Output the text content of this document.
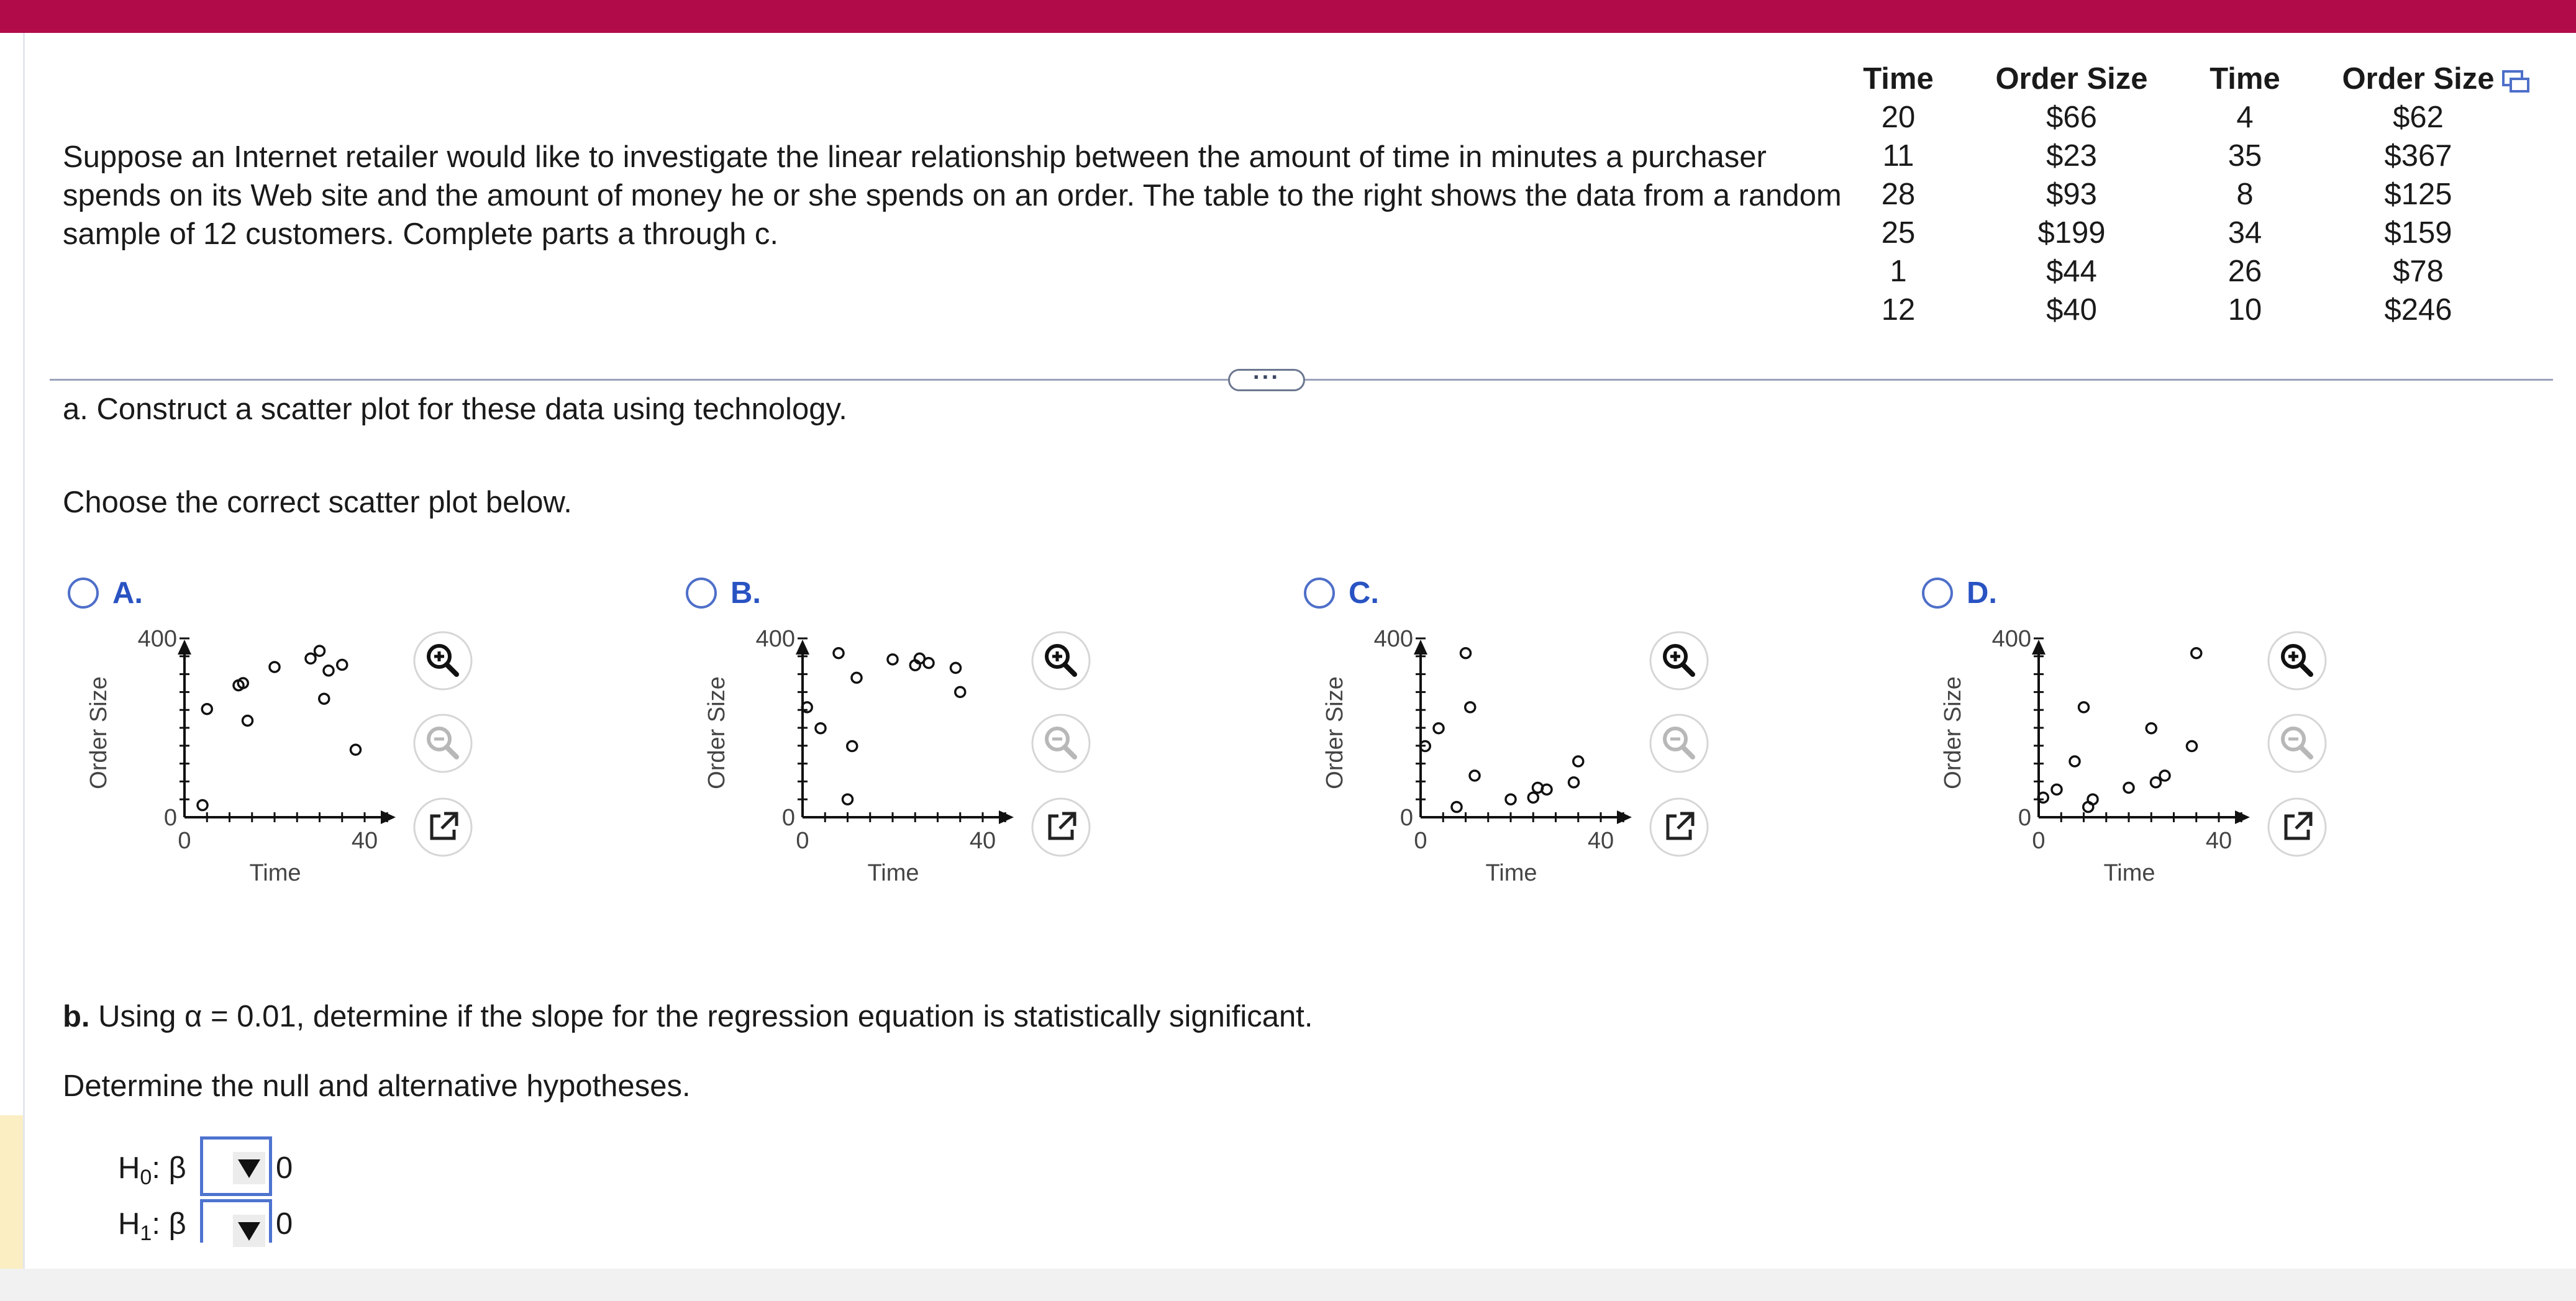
Suppose an Internet retailer would like to investigate the linear relationship between the amount of time in minutes a purchaser spends on its Web site and the amount of money he or she spends on an order. The table to the right shows the data from a random sample of 12 customers. Complete parts a through c.
Time	Order Size	Time	Order Size
20	$66	4	$62
11	$23	35	$367
28	$93	8	$125
25	$199	34	$159
1	$44	26	$78
12	$40	10	$246
···
a. Construct a scatter plot for these data using technology.
Choose the correct scatter plot below.
A.
0	40
0
400
Time
Order Size
B.
0	40
0
400
Time
Order Size
C.
0	40
0
400
Time
Order Size
D.
0	40
0
400
Time
Order Size
b. Using α = 0.01, determine if the slope for the regression equation is statistically significant.
Determine the null and alternative hypotheses.
$H_0$: β	0
$H_1$: β	0
